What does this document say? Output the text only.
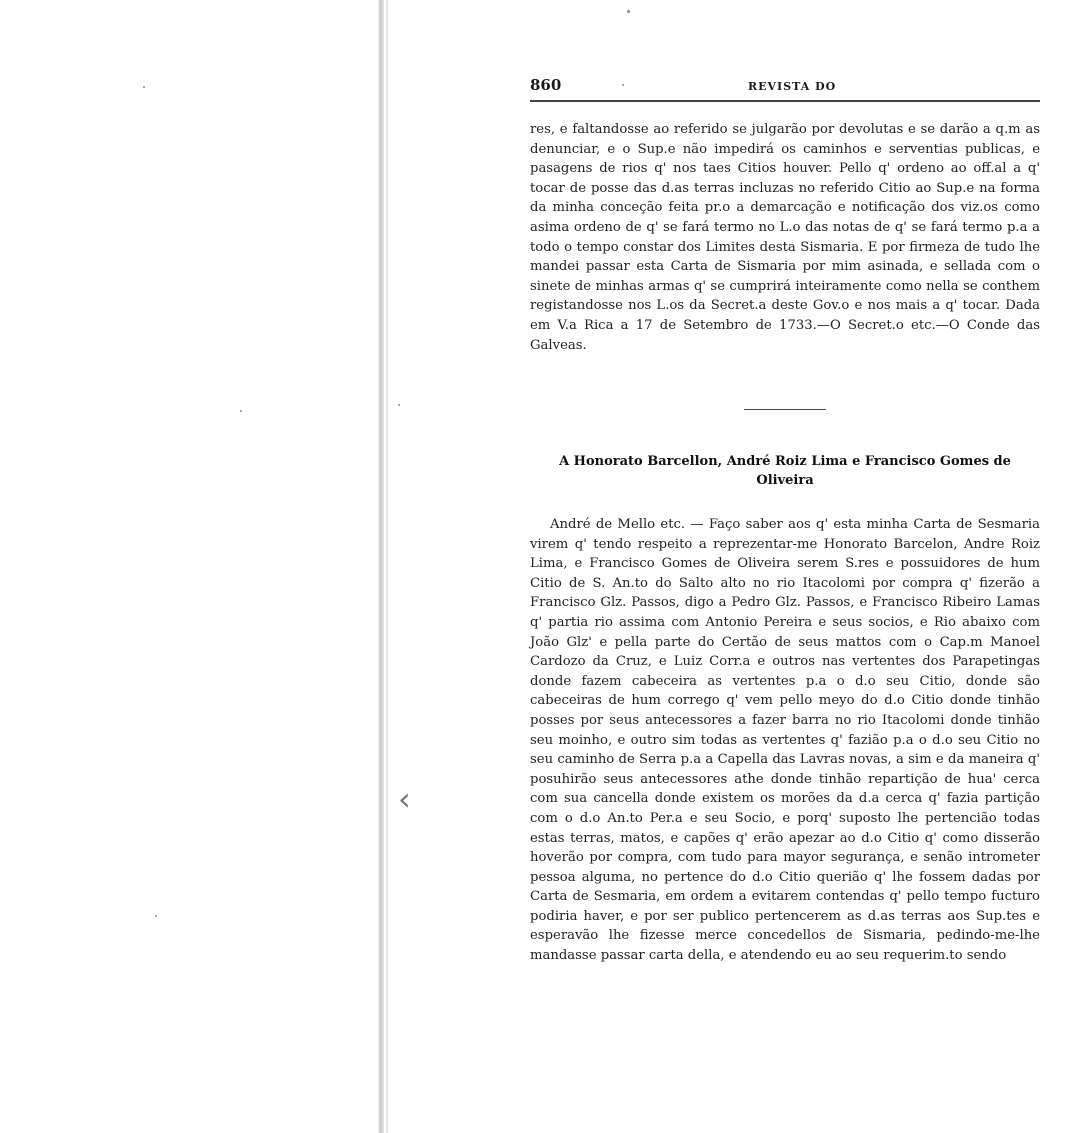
‹
860	REVISTA DO

res, e faltandosse ao referido se julgarão por devolutas e se darão a q.m as denunciar, e o Sup.e não impedirá os caminhos e serventias publicas, e pasagens de rios q' nos taes Citios houver. Pello q' ordeno ao off.al a q' tocar de posse das d.as terras incluzas no referido Citio ao Sup.e na forma da minha conceção feita pr.o a demarcação e notificação dos viz.os como asima ordeno de q' se fará termo no L.o das notas de q' se fará termo p.a a todo o tempo constar dos Limites desta Sismaria. E por firmeza de tudo lhe mandei passar esta Carta de Sismaria por mim asinada, e sellada com o sinete de minhas armas q' se cumprirá inteiramente como nella se conthem registandosse nos L.os da Secret.a deste Gov.o e nos mais a q' tocar. Dada em V.a Rica a 17 de Setembro de 1733.—O Secret.o etc.—O Conde das Galveas.

A Honorato Barcellon, André Roiz Lima e Francisco Gomes de Oliveira

André de Mello etc. — Faço saber aos q' esta minha Carta de Sesmaria virem q' tendo respeito a reprezentar-me Honorato Barcelon, Andre Roiz Lima, e Francisco Gomes de Oliveira serem S.res e possuidores de hum Citio de S. An.to do Salto alto no rio Itacolomi por compra q' fizerão a Francisco Glz. Passos, digo a Pedro Glz. Passos, e Francisco Ribeiro Lamas q' partia rio assima com Antonio Pereira e seus socios, e Rio abaixo com João Glz' e pella parte do Certão de seus mattos com o Cap.m Manoel Cardozo da Cruz, e Luiz Corr.a e outros nas vertentes dos Parapetingas donde fazem cabeceira as vertentes p.a o d.o seu Citio, donde são cabeceiras de hum corrego q' vem pello meyo do d.o Citio donde tinhão posses por seus antecessores a fazer barra no rio Itacolomi donde tinhão seu moinho, e outro sim todas as vertentes q' fazião p.a o d.o seu Citio no seu caminho de Serra p.a a Capella das Lavras novas, a sim e da maneira q' posuhirão seus antecessores athe donde tinhão repartição de hua' cerca com sua cancella donde existem os morões da d.a cerca q' fazia partição com o d.o An.to Per.a e seu Socio, e porq' suposto lhe pertencião todas estas terras, matos, e capões q' erão apezar ao d.o Citio q' como disserão hoverão por compra, com tudo para mayor segurança, e senão intrometer pessoa alguma, no pertence do d.o Citio querião q' lhe fossem dadas por Carta de Sesmaria, em ordem a evitarem contendas q' pello tempo fucturo podiria haver, e por ser publico pertencerem as d.as terras aos Sup.tes e esperavão lhe fizesse merce concedellos de Sismaria, pedindo-me-lhe mandasse passar carta della, e atendendo eu ao seu requerim.to sendo
